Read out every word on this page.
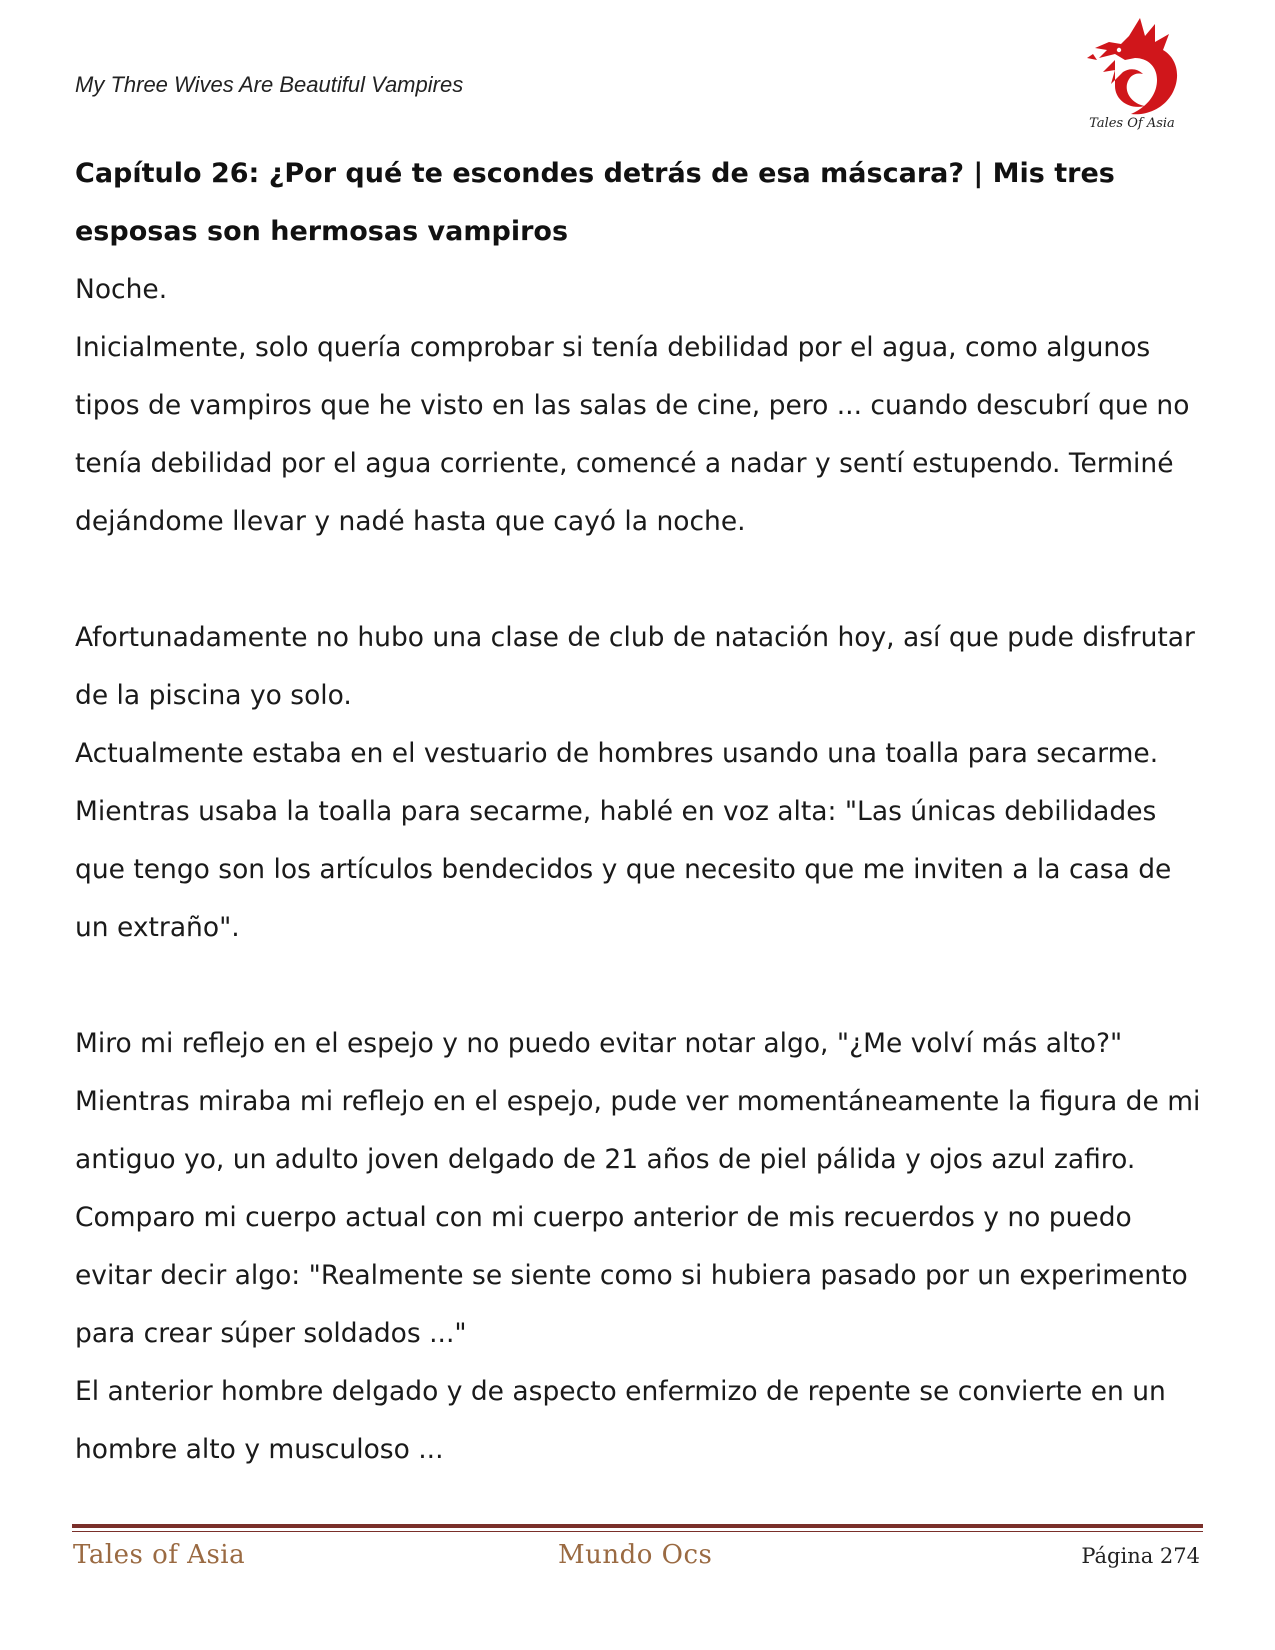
My Three Wives Are Beautiful Vampires
Tales Of Asia
Capítulo 26: ¿Por qué te escondes detrás de esa máscara? | Mis tres esposas son hermosas vampiros

Noche.

Inicialmente, solo quería comprobar si tenía debilidad por el agua, como algunos tipos de vampiros que he visto en las salas de cine, pero ... cuando descubrí que no tenía debilidad por el agua corriente, comencé a nadar y sentí estupendo. Terminé dejándome llevar y nadé hasta que cayó la noche.

Afortunadamente no hubo una clase de club de natación hoy, así que pude disfrutar de la piscina yo solo.

Actualmente estaba en el vestuario de hombres usando una toalla para secarme.

Mientras usaba la toalla para secarme, hablé en voz alta: "Las únicas debilidades que tengo son los artículos bendecidos y que necesito que me inviten a la casa de un extraño".

Miro mi reflejo en el espejo y no puedo evitar notar algo, "¿Me volví más alto?"

Mientras miraba mi reflejo en el espejo, pude ver momentáneamente la figura de mi antiguo yo, un adulto joven delgado de 21 años de piel pálida y ojos azul zafiro.

Comparo mi cuerpo actual con mi cuerpo anterior de mis recuerdos y no puedo evitar decir algo: "Realmente se siente como si hubiera pasado por un experimento para crear súper soldados ..."

El anterior hombre delgado y de aspecto enfermizo de repente se convierte en un hombre alto y musculoso ...

Tales of Asia	Mundo Ocs	Página 274
